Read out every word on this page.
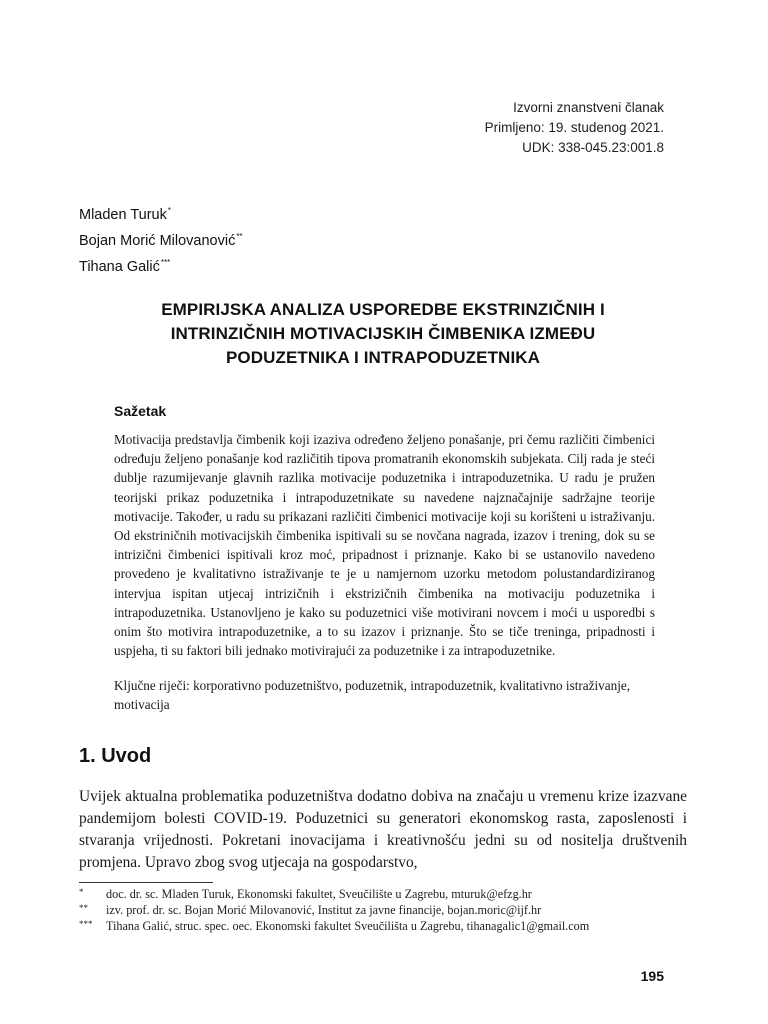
Izvorni znanstveni članak
Primljeno: 19. studenog 2021.
UDK: 338-045.23:001.8
Mladen Turuk*
Bojan Morić Milovanović**
Tihana Galić***
EMPIRIJSKA ANALIZA USPOREDBE EKSTRINZIČNIH I
INTRINZIČNIH MOTIVACIJSKIH ČIMBENIKA IZMEĐU
PODUZETNIKA I INTRAPODUZETNIKA
Sažetak
Motivacija predstavlja čimbenik koji izaziva određeno željeno ponašanje, pri čemu različiti čimbenici određuju željeno ponašanje kod različitih tipova promatranih ekonomskih subjekata. Cilj rada je steći dublje razumijevanje glavnih razlika motivacije poduzetnika i intrapoduzetnika. U radu je pružen teorijski prikaz poduzetnika i intrapoduzetnikate su navedene najznačajnije sadržajne teorije motivacije. Također, u radu su prikazani različiti čimbenici motivacije koji su korišteni u istraživanju. Od ekstriničnih motivacijskih čimbenika ispitivali su se novčana nagrada, izazov i trening, dok su se intrizični čimbenici ispitivali kroz moć, pripadnost i priznanje. Kako bi se ustanovilo navedeno provedeno je kvalitativno istraživanje te je u namjernom uzorku metodom polustandardiziranog intervjua ispitan utjecaj intrizičnih i ekstrizičnih čimbenika na motivaciju poduzetnika i intrapoduzetnika. Ustanovljeno je kako su poduzetnici više motivirani novcem i moći u usporedbi s onim što motivira intrapoduzetnike, a to su izazov i priznanje. Što se tiče treninga, pripadnosti i uspjeha, ti su faktori bili jednako motivirajući za poduzetnike i za intrapoduzetnike.
Ključne riječi: korporativno poduzetništvo, poduzetnik, intrapoduzetnik, kvalitativno istraživanje, motivacija
1. Uvod
Uvijek aktualna problematika poduzetništva dodatno dobiva na značaju u vremenu krize izazvane pandemijom bolesti COVID-19. Poduzetnici su generatori ekonomskog rasta, zaposlenosti i stvaranja vrijednosti. Pokretani inovacijama i kreativnošću jedni su od nositelja društvenih promjena. Upravo zbog svog utjecaja na gospodarstvo,
*	doc. dr. sc. Mladen Turuk, Ekonomski fakultet, Sveučilište u Zagrebu, mturuk@efzg.hr
**	izv. prof. dr. sc. Bojan Morić Milovanović, Institut za javne financije, bojan.moric@ijf.hr
***	Tihana Galić, struc. spec. oec. Ekonomski fakultet Sveučilišta u Zagrebu, tihanagalic1@gmail.com
195
